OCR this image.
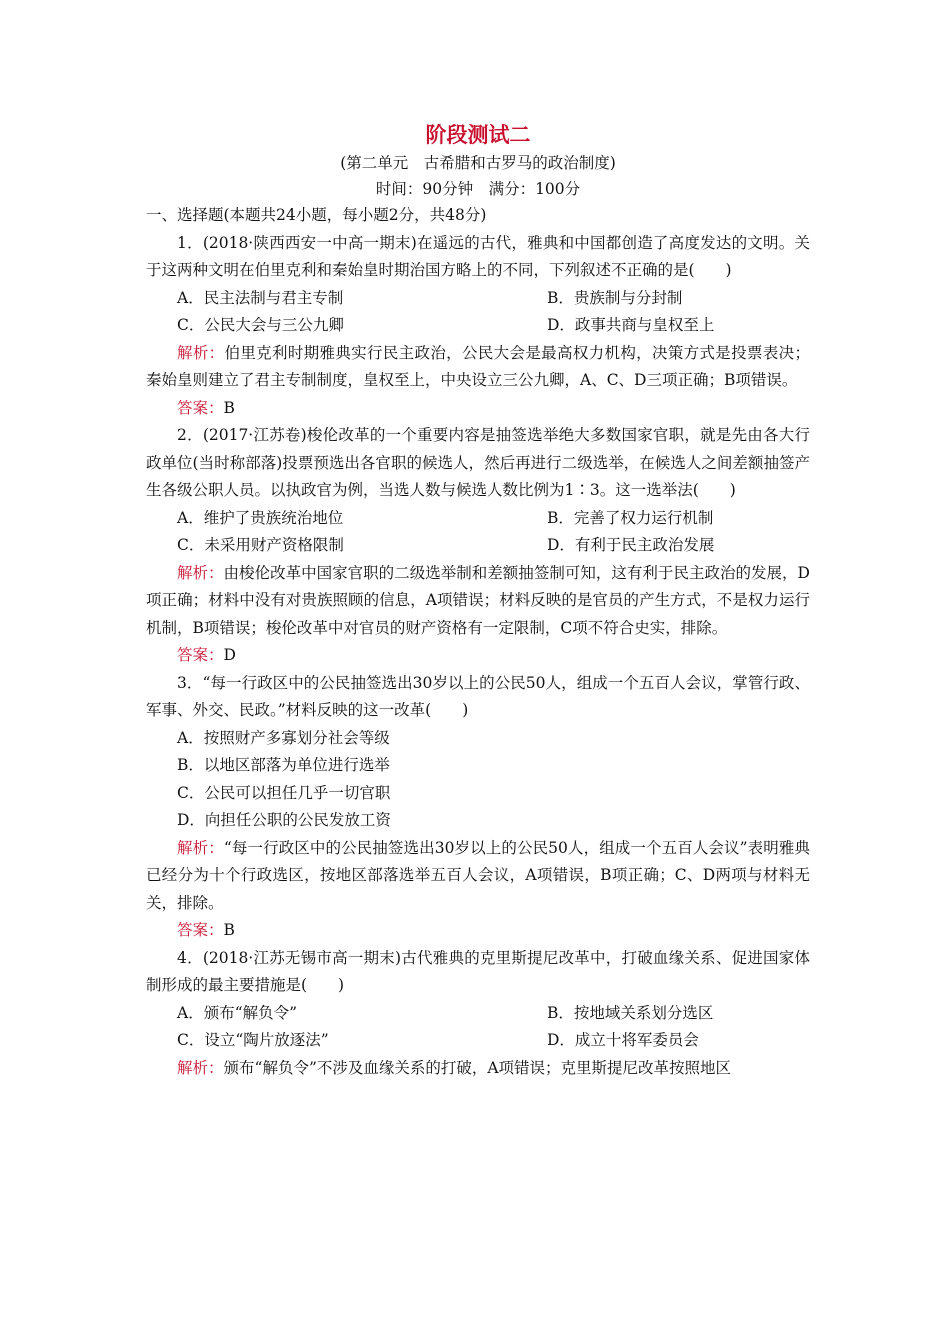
阶段测试二

(第二单元　古希腊和古罗马的政治制度)

时间：90分钟　满分：100分

一、选择题(本题共24小题，每小题2分，共48分)

1．(2018·陕西西安一中高一期末)在遥远的古代，雅典和中国都创造了高度发达的文明。关于这两种文明在伯里克利和秦始皇时期治国方略上的不同，下列叙述不正确的是(　　)

A．民主法制与君主专制	B．贵族制与分封制
C．公民大会与三公九卿	D．政事共商与皇权至上

解析：伯里克利时期雅典实行民主政治，公民大会是最高权力机构，决策方式是投票表决；秦始皇则建立了君主专制制度，皇权至上，中央设立三公九卿，A、C、D三项正确；B项错误。

答案：B

2．(2017·江苏卷)梭伦改革的一个重要内容是抽签选举绝大多数国家官职，就是先由各大行政单位(当时称部落)投票预选出各官职的候选人，然后再进行二级选举，在候选人之间差额抽签产生各级公职人员。以执政官为例，当选人数与候选人数比例为1∶3。这一选举法(　　)

A．维护了贵族统治地位	B．完善了权力运行机制
C．未采用财产资格限制	D．有利于民主政治发展

解析：由梭伦改革中国家官职的二级选举制和差额抽签制可知，这有利于民主政治的发展，D项正确；材料中没有对贵族照顾的信息，A项错误；材料反映的是官员的产生方式，不是权力运行机制，B项错误；梭伦改革中对官员的财产资格有一定限制，C项不符合史实，排除。

答案：D

3．“每一行政区中的公民抽签选出30岁以上的公民50人，组成一个五百人会议，掌管行政、军事、外交、民政。”材料反映的这一改革(　　)

A．按照财产多寡划分社会等级

B．以地区部落为单位进行选举

C．公民可以担任几乎一切官职

D．向担任公职的公民发放工资

解析：“每一行政区中的公民抽签选出30岁以上的公民50人，组成一个五百人会议”表明雅典已经分为十个行政选区，按地区部落选举五百人会议，A项错误，B项正确；C、D两项与材料无关，排除。

答案：B

4．(2018·江苏无锡市高一期末)古代雅典的克里斯提尼改革中，打破血缘关系、促进国家体制形成的最主要措施是(　　)

A．颁布“解负令”	B．按地域关系划分选区
C．设立“陶片放逐法”	D．成立十将军委员会

解析：颁布“解负令”不涉及血缘关系的打破，A项错误；克里斯提尼改革按照地区
